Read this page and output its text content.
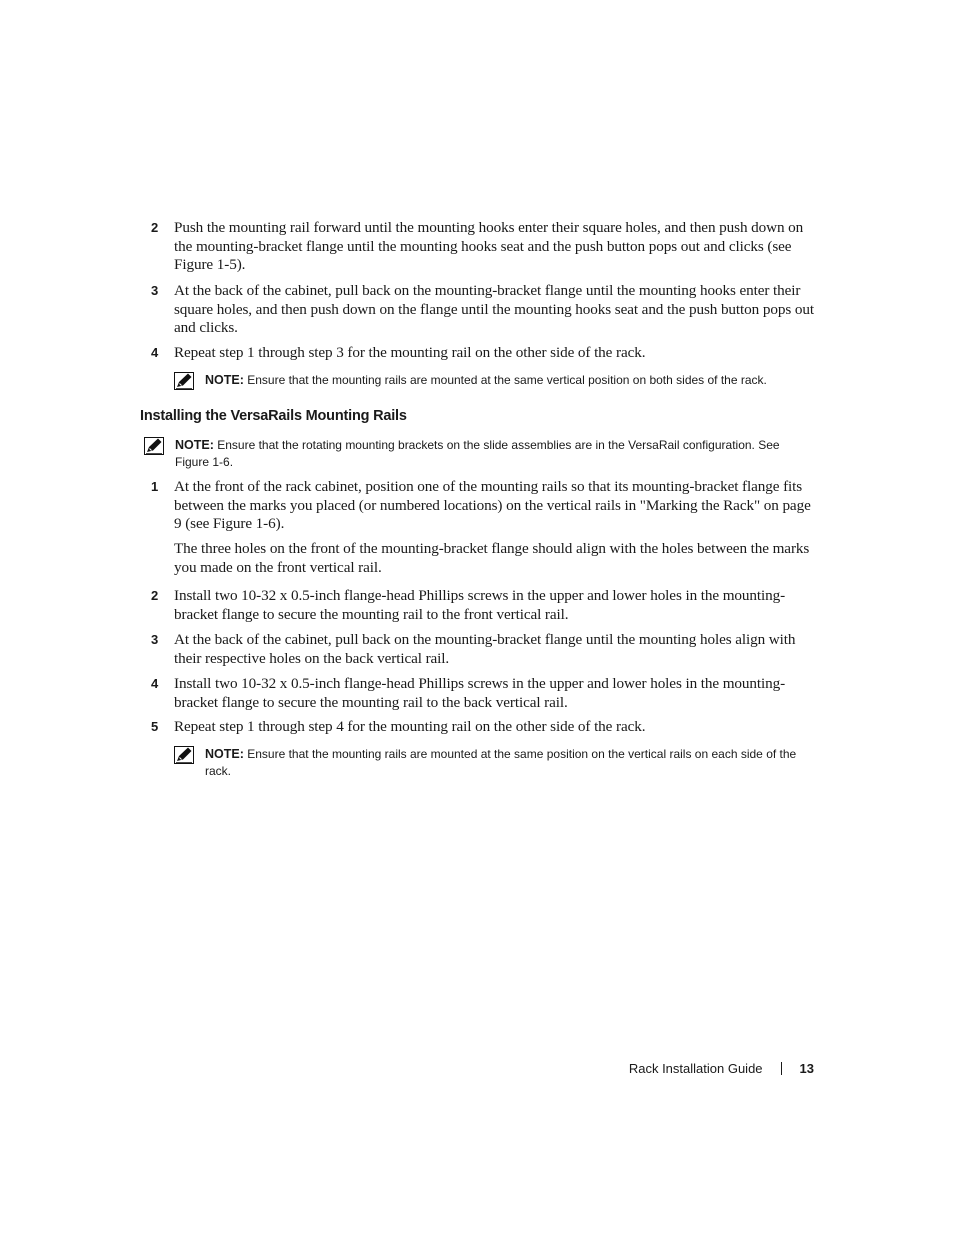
2 Push the mounting rail forward until the mounting hooks enter their square holes, and then push down on the mounting-bracket flange until the mounting hooks seat and the push button pops out and clicks (see Figure 1-5).
3 At the back of the cabinet, pull back on the mounting-bracket flange until the mounting hooks enter their square holes, and then push down on the flange until the mounting hooks seat and the push button pops out and clicks.
4 Repeat step 1 through step 3 for the mounting rail on the other side of the rack.
NOTE: Ensure that the mounting rails are mounted at the same vertical position on both sides of the rack.
Installing the VersaRails Mounting Rails
NOTE: Ensure that the rotating mounting brackets on the slide assemblies are in the VersaRail configuration. See Figure 1-6.
1 At the front of the rack cabinet, position one of the mounting rails so that its mounting-bracket flange fits between the marks you placed (or numbered locations) on the vertical rails in "Marking the Rack" on page 9 (see Figure 1-6).
The three holes on the front of the mounting-bracket flange should align with the holes between the marks you made on the front vertical rail.
2 Install two 10-32 x 0.5-inch flange-head Phillips screws in the upper and lower holes in the mounting-bracket flange to secure the mounting rail to the front vertical rail.
3 At the back of the cabinet, pull back on the mounting-bracket flange until the mounting holes align with their respective holes on the back vertical rail.
4 Install two 10-32 x 0.5-inch flange-head Phillips screws in the upper and lower holes in the mounting-bracket flange to secure the mounting rail to the back vertical rail.
5 Repeat step 1 through step 4 for the mounting rail on the other side of the rack.
NOTE: Ensure that the mounting rails are mounted at the same position on the vertical rails on each side of the rack.
Rack Installation Guide	13
